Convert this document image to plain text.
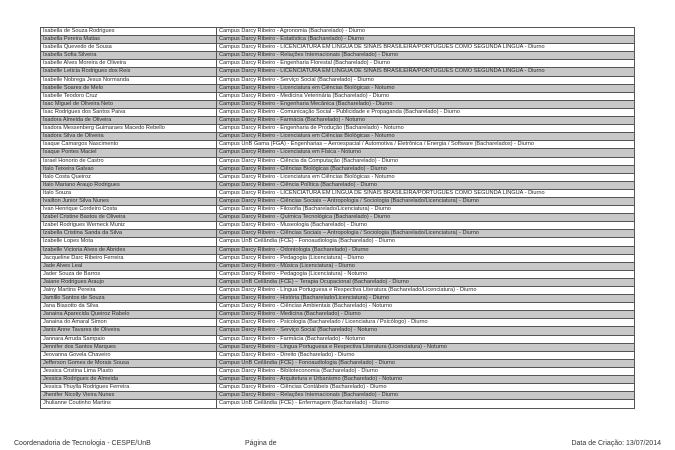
Isabella de Souza Rodrigues	Campus Darcy Ribeiro - Agronomia (Bacharelado) - Diurno
Isabella Pereira Matias	Campus Darcy Ribeiro - Estatística (Bacharelado) - Diurno
Isabella Quevedo de Sousa	Campus Darcy Ribeiro - LICENCIATURA EM LÍNGUA DE SINAIS BRASILEIRA/PORTUGUÊS COMO SEGUNDA LÍNGUA - Diurno
Isabella Sofia Silveira	Campus Darcy Ribeiro - Relações Internacionais (Bacharelado) - Diurno
Isabelle Alves Moreira de Oliveira	Campus Darcy Ribeiro - Engenharia Florestal (Bacharelado) - Diurno
Isabelle Leticia Rodrigues dos Reis	Campus Darcy Ribeiro - LICENCIATURA EM LÍNGUA DE SINAIS BRASILEIRA/PORTUGUÊS COMO SEGUNDA LÍNGUA - Diurno
Isabelle Nobrega Jesus Normanda	Campus Darcy Ribeiro - Serviço Social (Bacharelado) - Diurno
Isabelle Soares de Melo	Campus Darcy Ribeiro - Licenciatura em Ciências Biológicas - Noturno
Isabelle Teodoro Cruz	Campus Darcy Ribeiro - Medicina Veterinária (Bacharelado) - Diurno
Isac Miguel de Oliveira Neto	Campus Darcy Ribeiro - Engenharia Mecânica (Bacharelado) - Diurno
Isac Rodrigues dos Santos Paiva	Campus Darcy Ribeiro - Comunicação Social - Publicidade e Propaganda (Bacharelado) - Diurno
Isadora Almeida de Oliveira	Campus Darcy Ribeiro - Farmácia (Bacharelado) - Noturno
Isadora Messenberg Guimaraes Macedo Rebello	Campus Darcy Ribeiro - Engenharia de Produção (Bacharelado) - Noturno
Isadora Silva de Oliveira	Campus Darcy Ribeiro - Licenciatura em Ciências Biológicas - Noturno
Isaque Camargos Nascimento	Campus UnB Gama (FGA) - Engenharias – Aeroespacial / Automotiva / Eletrônica / Energia / Software (Bacharelados) - Diurno
Isaque Pontes Maciel	Campus Darcy Ribeiro - Licenciatura em Física - Noturno
Israel Honorio de Castro	Campus Darcy Ribeiro - Ciência da Computação (Bacharelado) - Diurno
Italo Teixeira Galvao	Campus Darcy Ribeiro - Ciências Biológicas (Bacharelado) - Diurno
Italo Costa Queiroz	Campus Darcy Ribeiro - Licenciatura em Ciências Biológicas - Noturno
Italo Mariano Araujo Rodrigues	Campus Darcy Ribeiro - Ciência Política (Bacharelado) - Diurno
Italo Souza	Campus Darcy Ribeiro - LICENCIATURA EM LÍNGUA DE SINAIS BRASILEIRA/PORTUGUÊS COMO SEGUNDA LÍNGUA - Diurno
Ivailton Junior Silva Nunes	Campus Darcy Ribeiro - Ciências Sociais – Antropologia / Sociologia (Bacharelado/Licenciatura) - Diurno
Ivan Henrique Cordeiro Costa	Campus Darcy Ribeiro - Filosofia (Bacharelado/Licenciatura) - Diurno
Izabel Cristine Bastos de Oliveira	Campus Darcy Ribeiro - Química Tecnológica (Bacharelado) - Diurno
Izabel Rodrigues Werneck Muniz	Campus Darcy Ribeiro - Museologia (Bacharelado) - Diurno
Izabella Cristina Sanda da Silva	Campus Darcy Ribeiro - Ciências Sociais – Antropologia / Sociologia (Bacharelado/Licenciatura) - Diurno
Izabelle Lopes Mota	Campus UnB Ceilândia (FCE) - Fonoaudiologia (Bacharelado) - Diurno
Izabelle Victoria Alves de Abrides	Campus Darcy Ribeiro - Odontologia (Bacharelado) - Diurno
Jacqueline Darc Ribeiro Ferreira	Campus Darcy Ribeiro - Pedagogia (Licenciatura) - Diurno
Jade Alves Leal	Campus Darcy Ribeiro - Música (Licenciatura) - Diurno
Jader Souza de Barros	Campus Darcy Ribeiro - Pedagogia (Licenciatura) - Noturno
Jaiane Rodrigues Araujo	Campus UnB Ceilândia (FCE) – Terapia Ocupacional (Bacharelado) - Diurno
Jainy Martins Pereira	Campus Darcy Ribeiro - Língua Portuguesa e Respectiva Literatura (Bacharelado/Licenciatura) - Diurno
Jamille Santos de Souza	Campus Darcy Ribeiro - História (Bacharelado/Licenciatura) - Diurno
Jana Biasotto da Silva	Campus Darcy Ribeiro - Ciências Ambientais (Bacharelado) - Noturno
Janaina Aparecida Queiroz Rabelo	Campus Darcy Ribeiro - Medicina (Bacharelado) - Diurno
Janaina do Amaral Simon	Campus Darcy Ribeiro - Psicologia (Bacharelado / Licenciatura / Psicólogo) - Diurno
Janis Anne Tavares de Oliveira	Campus Darcy Ribeiro - Serviço Social (Bacharelado) - Noturno
Jannara Arruda Sampaio	Campus Darcy Ribeiro - Farmácia (Bacharelado) - Noturno
Jennifer dos Santos Marques	Campus Darcy Ribeiro - Língua Portuguesa e Respectiva Literatura (Licenciatura) - Noturno
Jeovanna Govela Chaveiro	Campus Darcy Ribeiro - Direito (Bacharelado) - Diurno
Jefferson Gomes de Morais Sousa	Campus UnB Ceilândia (FCE) - Fonoaudiologia (Bacharelado) - Diurno
Jessica Cristina Lima Plasto	Campus Darcy Ribeiro - Biblioteconomia (Bacharelado) - Diurno
Jessica Rodrigues de Almeida	Campus Darcy Ribeiro - Arquitetura e Urbanismo (Bacharelado) - Noturno
Jessica Thuylla Rodrigues Ferreira	Campus Darcy Ribeiro - Ciências Contábeis (Bacharelado) - Diurno
Jhenifer Nicolly Vieira Nunes	Campus Darcy Ribeiro - Relações Internacionais (Bacharelado) - Diurno
Jhulianne Coutinho Martins	Campus UnB Ceilândia (FCE) - Enfermagem (Bacharelado) - Diurno
Coordenadoria de Tecnologia - CESPE/UnB	Página de	Data de Criação: 13/07/2014
